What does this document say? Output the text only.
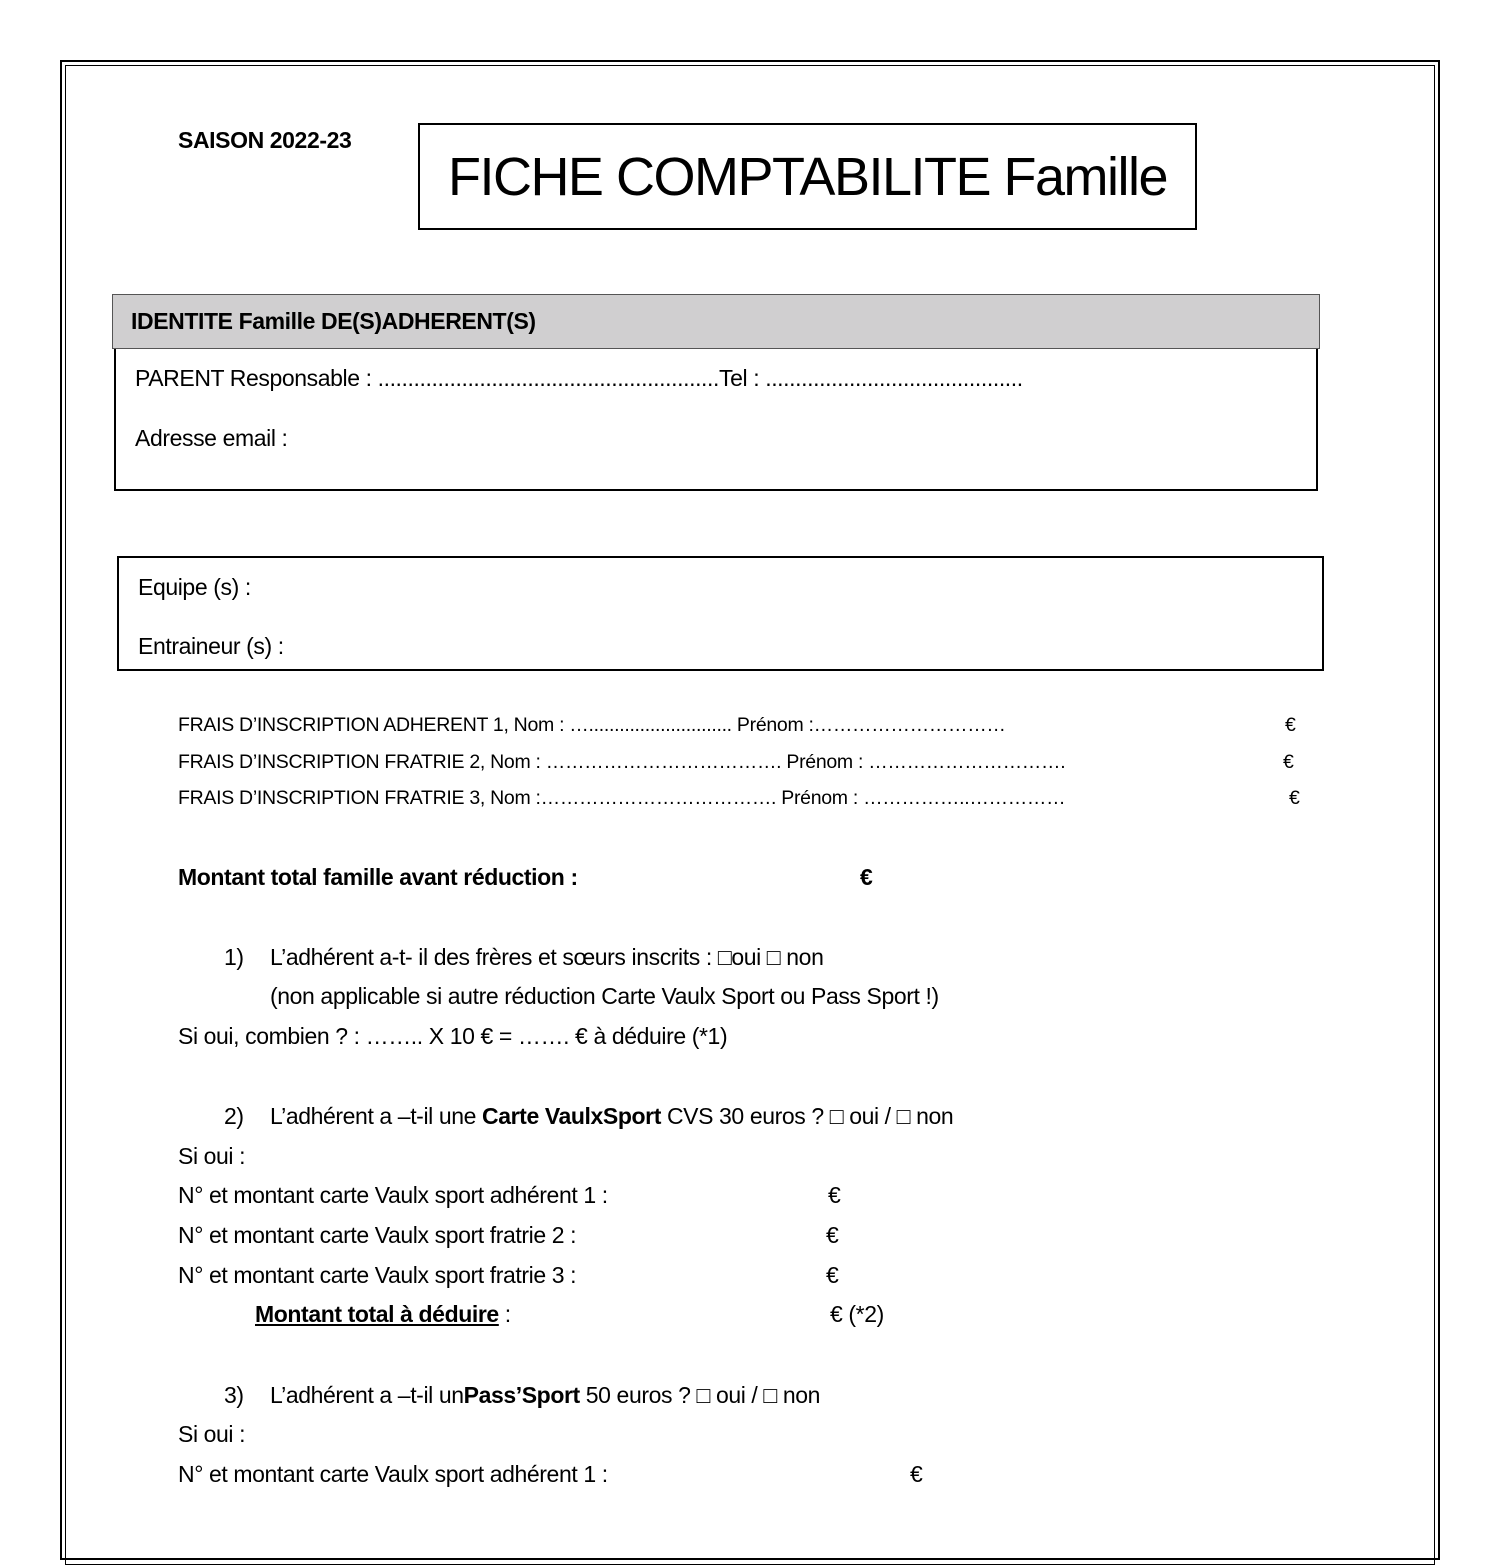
SAISON 2022-23
FICHE COMPTABILITE Famille
IDENTITE Famille DE(S)ADHERENT(S)
PARENT Responsable : .........................................................Tel : ...........................................
Adresse email :
Equipe (s) :
Entraineur (s) :
FRAIS D’INSCRIPTION ADHERENT 1, Nom : …............................ Prénom :…………………………	€
FRAIS D’INSCRIPTION FRATRIE 2, Nom : ………………………………. Prénom : ………………………….	€
FRAIS D’INSCRIPTION FRATRIE 3, Nom :………………………………. Prénom : ……………..……………	€
Montant total famille avant réduction :	€
1) L’adhérent a-t- il des frères et sœurs inscrits : □oui □ non
(non applicable si autre réduction Carte Vaulx Sport ou Pass Sport !)
Si oui, combien ? : …….. X 10 € = ……. € à déduire (*1)
2) L’adhérent a –t-il une Carte VaulxSport CVS 30 euros ? □ oui / □ non
Si oui :
N° et montant carte Vaulx sport adhérent 1 :	€
N° et montant carte Vaulx sport fratrie 2 :	€
N° et montant carte Vaulx sport fratrie 3 :	€
Montant total à déduire :	€ (*2)
3) L’adhérent a –t-il unPass’Sport 50 euros ? □ oui / □ non
Si oui :
N° et montant carte Vaulx sport adhérent 1 :	€
